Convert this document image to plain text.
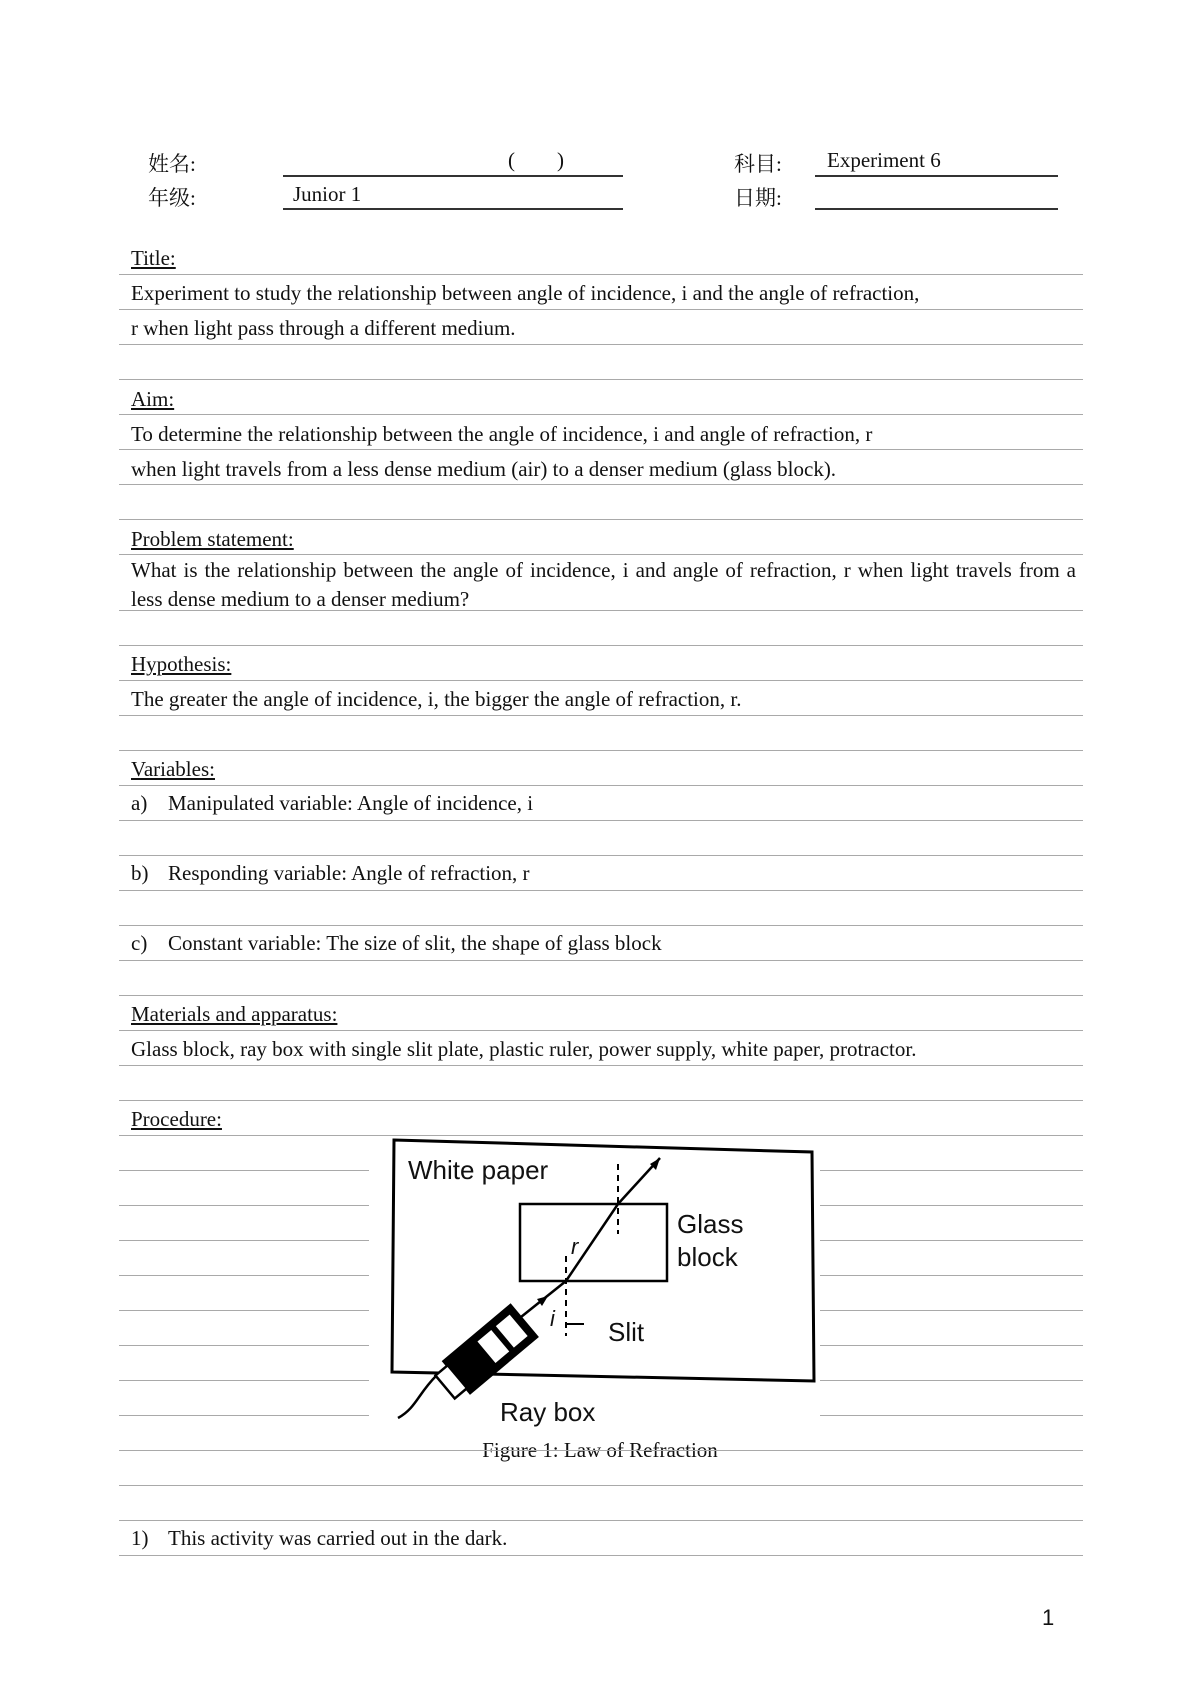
姓名:	(        )
年级:	Junior 1
科目: Experiment 6
日期:
Title:
Experiment to study the relationship between angle of incidence, i and the angle of refraction,
r when light pass through a different medium.
Aim:
To determine the relationship between the angle of incidence, i and angle of refraction, r
when light travels from a less dense medium (air) to a denser medium (glass block).
Problem statement:
What is the relationship between the angle of incidence, i and angle of refraction, r when light travels from a less dense medium to a denser medium?
Hypothesis:
The greater the angle of incidence, i, the bigger the angle of refraction, r.
Variables:
a) Manipulated variable: Angle of incidence, i
b) Responding variable: Angle of refraction, r
c) Constant variable: The size of slit, the shape of glass block
Materials and apparatus:
Glass block, ray box with single slit plate, plastic ruler, power supply, white paper, protractor.
Procedure:
White paper
Glass
block
r
i Slit
Ray box
Figure 1: Law of Refraction
1) This activity was carried out in the dark.
1
